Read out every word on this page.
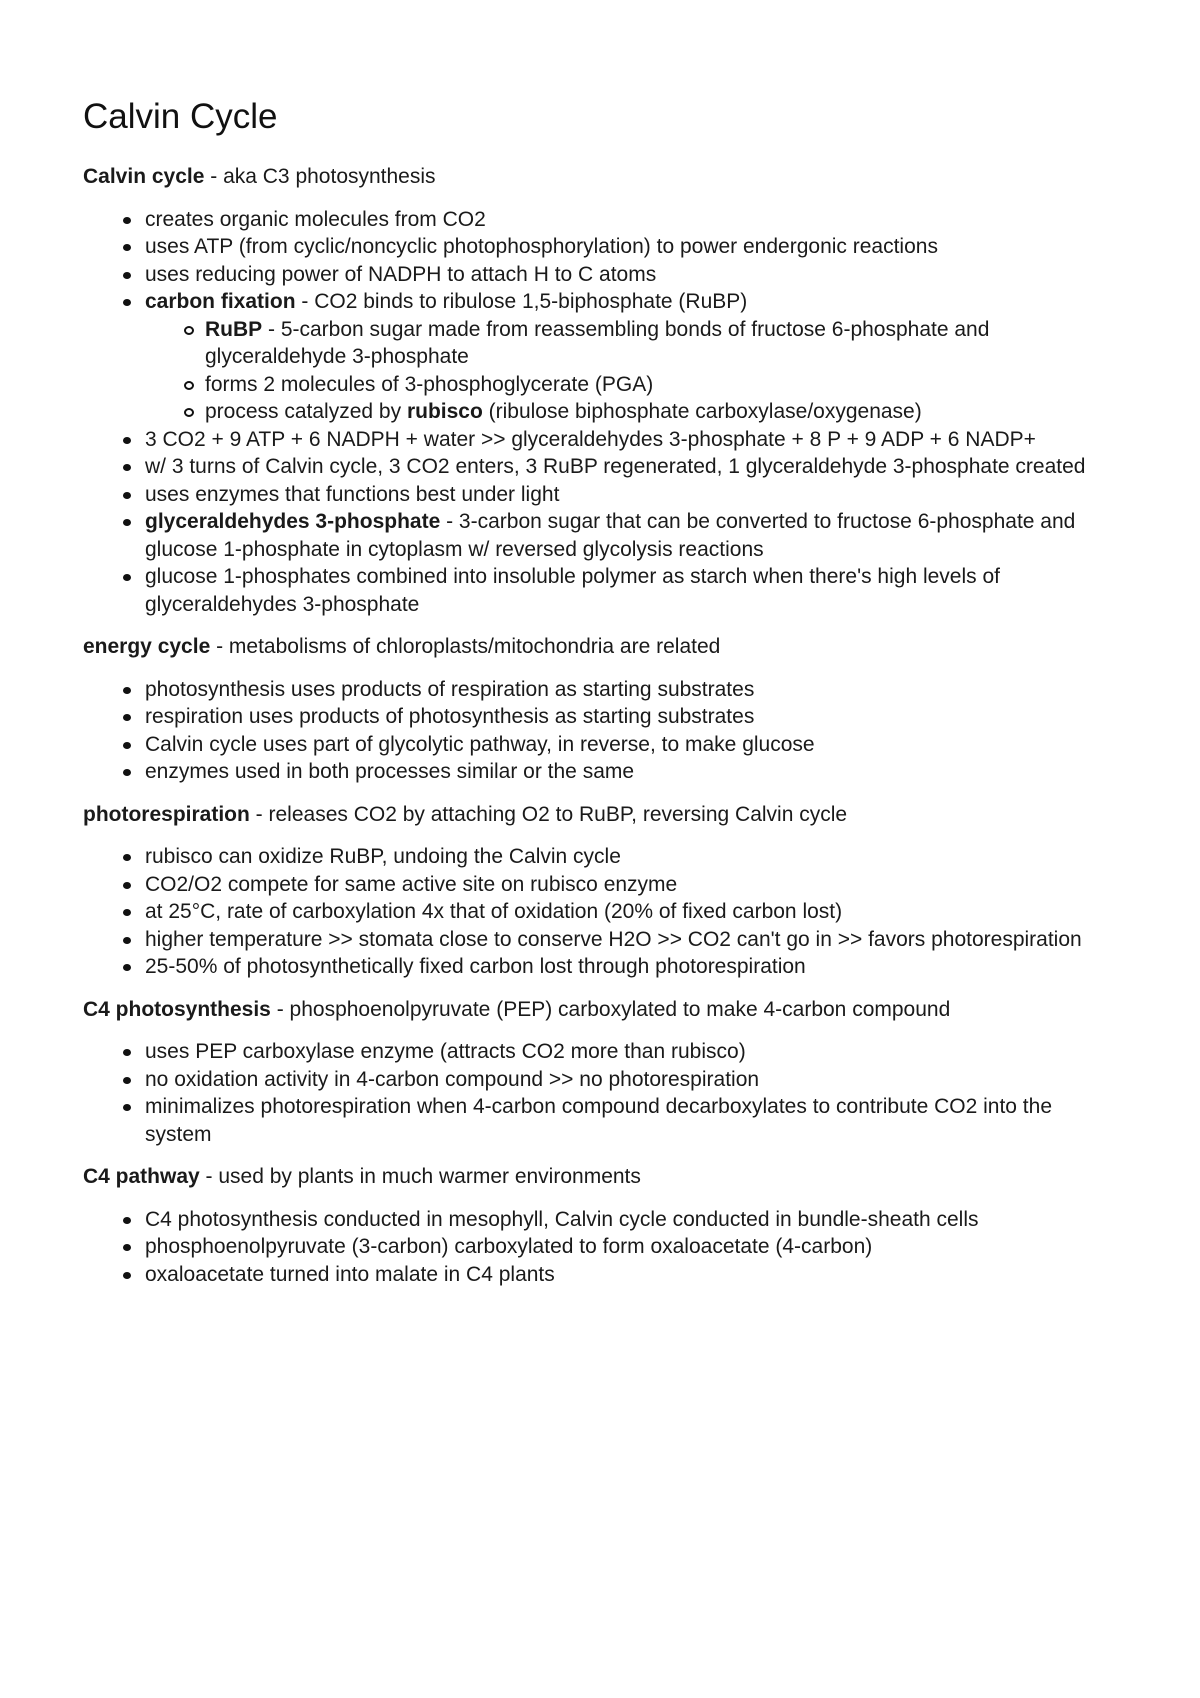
Calvin Cycle

Calvin cycle - aka C3 photosynthesis

creates organic molecules from CO2
uses ATP (from cyclic/noncyclic photophosphorylation) to power endergonic reactions
uses reducing power of NADPH to attach H to C atoms
carbon fixation - CO2 binds to ribulose 1,5-biphosphate (RuBP)
RuBP - 5-carbon sugar made from reassembling bonds of fructose 6-phosphate and glyceraldehyde 3-phosphate
forms 2 molecules of 3-phosphoglycerate (PGA)
process catalyzed by rubisco (ribulose biphosphate carboxylase/oxygenase)
3 CO2 + 9 ATP + 6 NADPH + water >> glyceraldehydes 3-phosphate + 8 P + 9 ADP + 6 NADP+
w/ 3 turns of Calvin cycle, 3 CO2 enters, 3 RuBP regenerated, 1 glyceraldehyde 3-phosphate created
uses enzymes that functions best under light
glyceraldehydes 3-phosphate - 3-carbon sugar that can be converted to fructose 6-phosphate and glucose 1-phosphate in cytoplasm w/ reversed glycolysis reactions
glucose 1-phosphates combined into insoluble polymer as starch when there's high levels of glyceraldehydes 3-phosphate

energy cycle - metabolisms of chloroplasts/mitochondria are related

photosynthesis uses products of respiration as starting substrates
respiration uses products of photosynthesis as starting substrates
Calvin cycle uses part of glycolytic pathway, in reverse, to make glucose
enzymes used in both processes similar or the same

photorespiration - releases CO2 by attaching O2 to RuBP, reversing Calvin cycle

rubisco can oxidize RuBP, undoing the Calvin cycle
CO2/O2 compete for same active site on rubisco enzyme
at 25°C, rate of carboxylation 4x that of oxidation (20% of fixed carbon lost)
higher temperature >> stomata close to conserve H2O >> CO2 can't go in >> favors photorespiration
25-50% of photosynthetically fixed carbon lost through photorespiration

C4 photosynthesis - phosphoenolpyruvate (PEP) carboxylated to make 4-carbon compound

uses PEP carboxylase enzyme (attracts CO2 more than rubisco)
no oxidation activity in 4-carbon compound >> no photorespiration
minimalizes photorespiration when 4-carbon compound decarboxylates to contribute CO2 into the system

C4 pathway - used by plants in much warmer environments

C4 photosynthesis conducted in mesophyll, Calvin cycle conducted in bundle-sheath cells
phosphoenolpyruvate (3-carbon) carboxylated to form oxaloacetate (4-carbon)
oxaloacetate turned into malate in C4 plants
